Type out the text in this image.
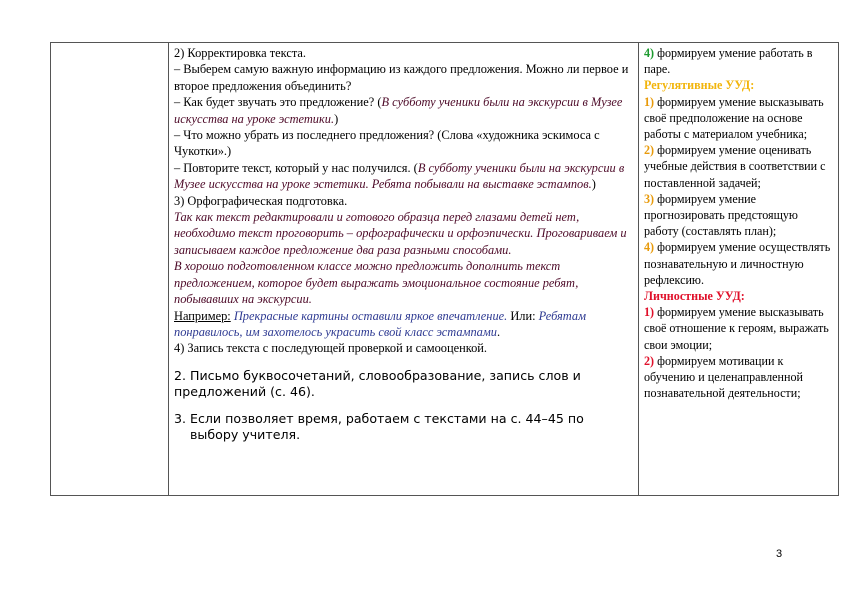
2) Корректировка текста.

– Выберем самую важную информацию из каждого предложения. Можно ли первое и второе предложения объединить?

– Как будет звучать это предложение? (В субботу ученики были на экскурсии в Музее искусства на уроке эстетики.)

– Что можно убрать из последнего предложения? (Слова «художника эскимоса с Чукотки».)

– Повторите текст, который у нас получился. (В субботу ученики были на экскурсии в Музее искусства на уроке эстетики. Ребята побывали на выставке эстампов.)

3) Орфографическая подготовка.

Так как текст редактировали и готового образца перед глазами детей нет, необходимо текст проговорить – орфографически и орфоэпически. Проговариваем и записываем каждое предложение два раза разными способами.

В хорошо подготовленном классе можно предложить дополнить текст предложением, которое будет выражать эмоциональное состояние ребят, побывавших на экскурсии.

Например: Прекрасные картины оставили яркое впечатление. Или: Ребятам понравилось, им захотелось украсить свой класс эстампами.

4) Запись текста с последующей проверкой и самооценкой.

2. Письмо буквосочетаний, словообразование, запись слов и предложений (с. 46).

3. Если позволяет время, работаем с текстами на с. 44–45 по выбору учителя.

4) формируем умение работать в паре.

Регулятивные УУД:

1) формируем умение высказывать своё предположение на основе работы с материалом учебника;

2) формируем умение оценивать учебные действия в соответствии с поставленной задачей;

3) формируем умение прогнозировать предстоящую работу (составлять план);

4) формируем умение осуществлять познавательную и личностную рефлексию.

Личностные УУД:

1) формируем умение высказывать своё отношение к героям, выражать свои эмоции;

2) формируем мотивации к обучению и целенаправленной познавательной деятельности;

3
